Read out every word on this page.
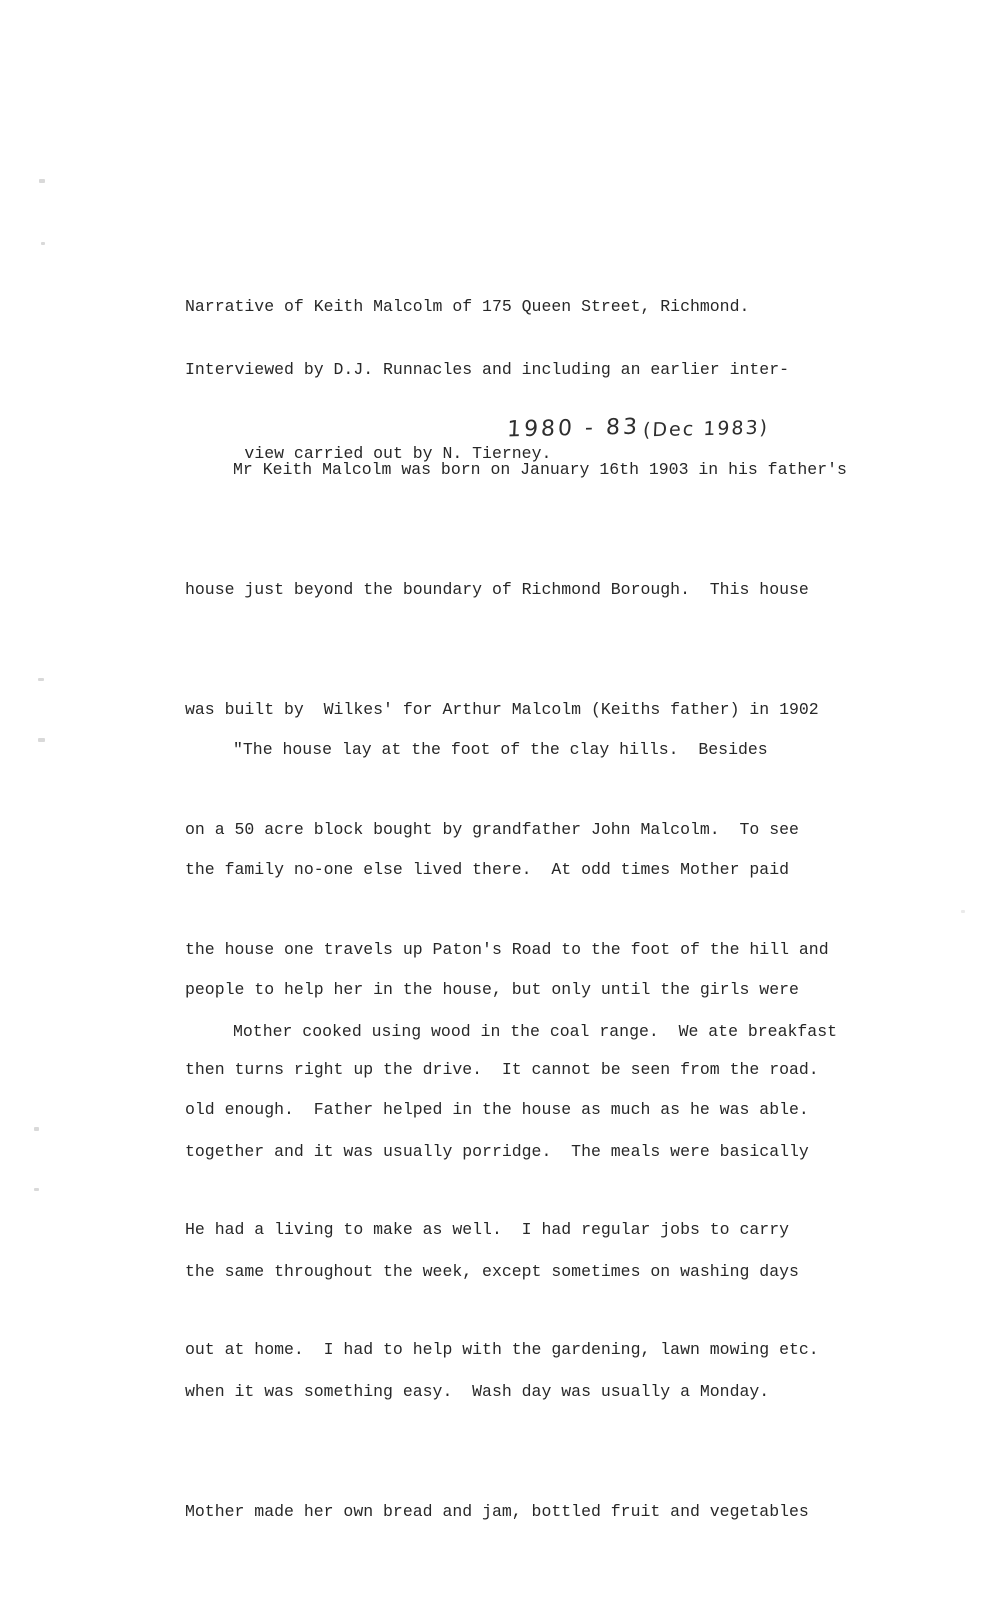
Narrative of Keith Malcolm of 175 Queen Street, Richmond.

Interviewed by D.J. Runnacles and including an earlier inter-

view carried out by N. Tierney.

1980 - 83

(Dec 1983)

Mr Keith Malcolm was born on January 16th 1903 in his father's

house just beyond the boundary of Richmond Borough.  This house

was built by  Wilkes' for Arthur Malcolm (Keiths father) in 1902

on a 50 acre block bought by grandfather John Malcolm.  To see

the house one travels up Paton's Road to the foot of the hill and

then turns right up the drive.  It cannot be seen from the road.

"The house lay at the foot of the clay hills.  Besides

the family no-one else lived there.  At odd times Mother paid

people to help her in the house, but only until the girls were

old enough.  Father helped in the house as much as he was able.

He had a living to make as well.  I had regular jobs to carry

out at home.  I had to help with the gardening, lawn mowing etc.

Mother cooked using wood in the coal range.  We ate breakfast

together and it was usually porridge.  The meals were basically

the same throughout the week, except sometimes on washing days

when it was something easy.  Wash day was usually a Monday.

Mother made her own bread and jam, bottled fruit and vegetables
